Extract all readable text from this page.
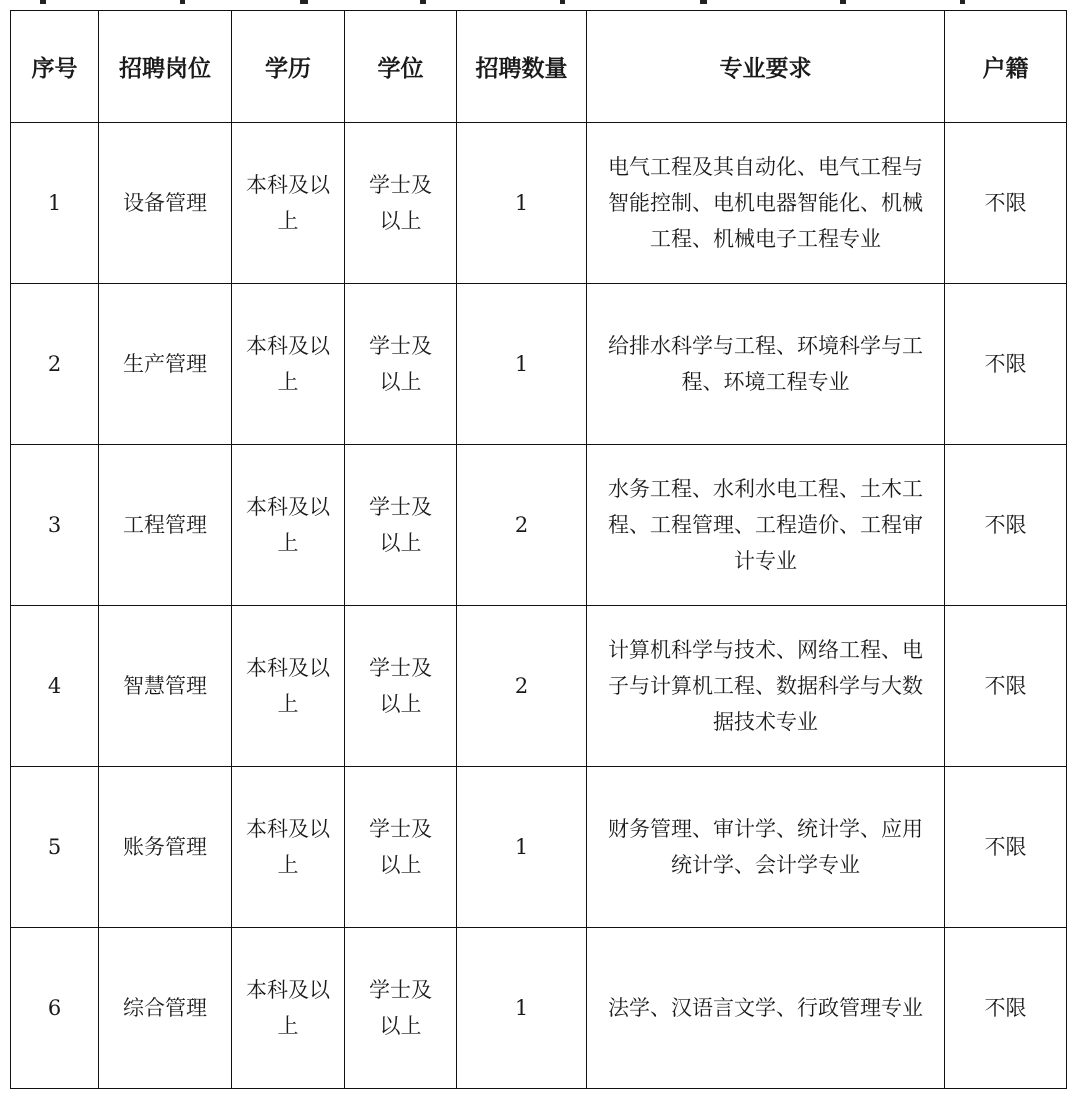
序号	招聘岗位	学历	学位	招聘数量	专业要求	户籍
1	设备管理	本科及以上	学士及以上	1	电气工程及其自动化、电气工程与智能控制、电机电器智能化、机械工程、机械电子工程专业	不限
2	生产管理	本科及以上	学士及以上	1	给排水科学与工程、环境科学与工程、环境工程专业	不限
3	工程管理	本科及以上	学士及以上	2	水务工程、水利水电工程、土木工程、工程管理、工程造价、工程审计专业	不限
4	智慧管理	本科及以上	学士及以上	2	计算机科学与技术、网络工程、电子与计算机工程、数据科学与大数据技术专业	不限
5	账务管理	本科及以上	学士及以上	1	财务管理、审计学、统计学、应用统计学、会计学专业	不限
6	综合管理	本科及以上	学士及以上	1	法学、汉语言文学、行政管理专业	不限
